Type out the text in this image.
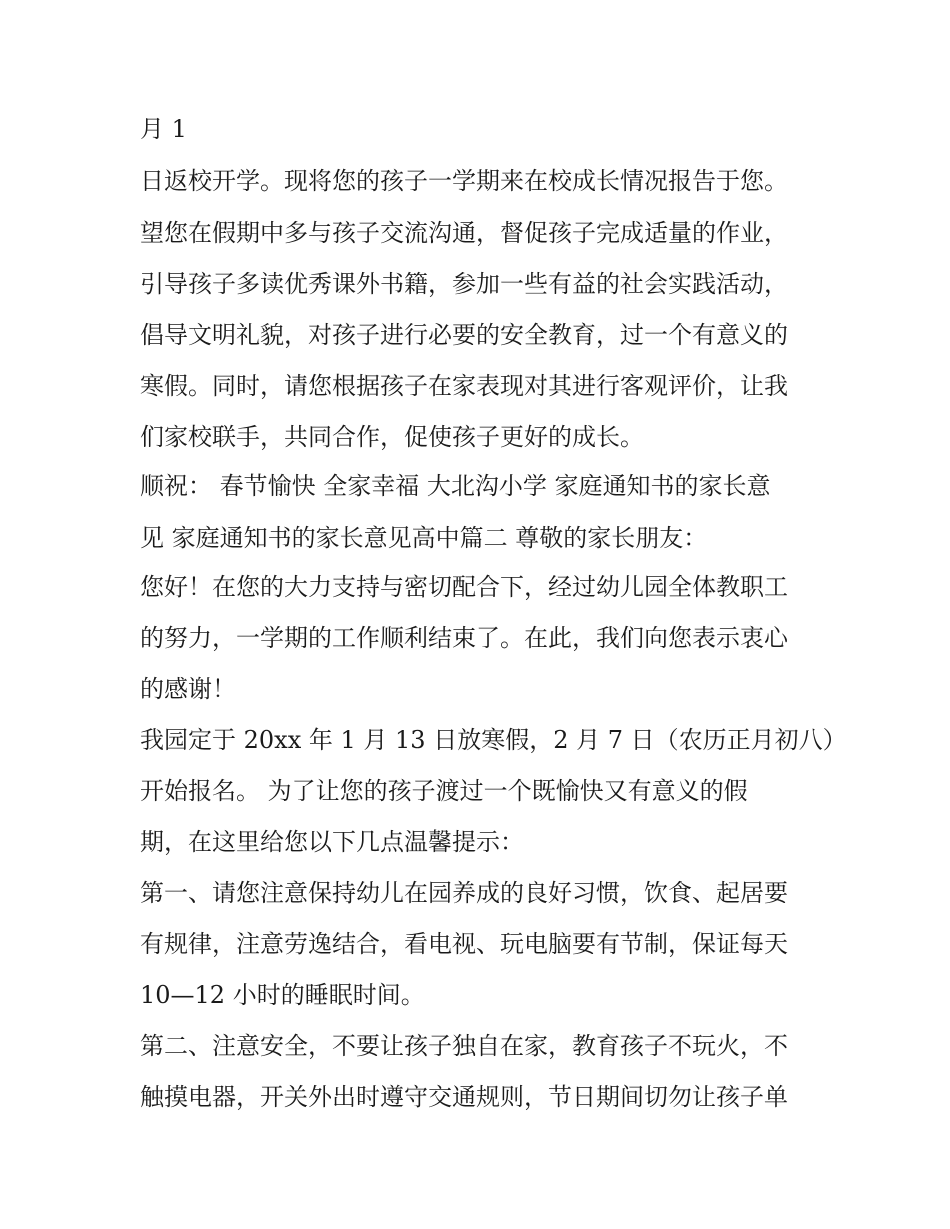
月 1
日返校开学。现将您的孩子一学期来在校成长情况报告于您。
望您在假期中多与孩子交流沟通，督促孩子完成适量的作业，
引导孩子多读优秀课外书籍，参加一些有益的社会实践活动，
倡导文明礼貌，对孩子进行必要的安全教育，过一个有意义的
寒假。同时，请您根据孩子在家表现对其进行客观评价，让我
们家校联手，共同合作，促使孩子更好的成长。
顺祝： 春节愉快 全家幸福 大北沟小学 家庭通知书的家长意
见 家庭通知书的家长意见高中篇二 尊敬的家长朋友：
您好！在您的大力支持与密切配合下，经过幼儿园全体教职工
的努力，一学期的工作顺利结束了。在此，我们向您表示衷心
的感谢！
我园定于 20xx 年 1 月 13 日放寒假，2 月 7 日（农历正月初八）
开始报名。 为了让您的孩子渡过一个既愉快又有意义的假
期，在这里给您以下几点温馨提示：
第一、请您注意保持幼儿在园养成的良好习惯，饮食、起居要
有规律，注意劳逸结合，看电视、玩电脑要有节制，保证每天
10—12 小时的睡眠时间。
第二、注意安全，不要让孩子独自在家，教育孩子不玩火，不
触摸电器，开关外出时遵守交通规则，节日期间切勿让孩子单
